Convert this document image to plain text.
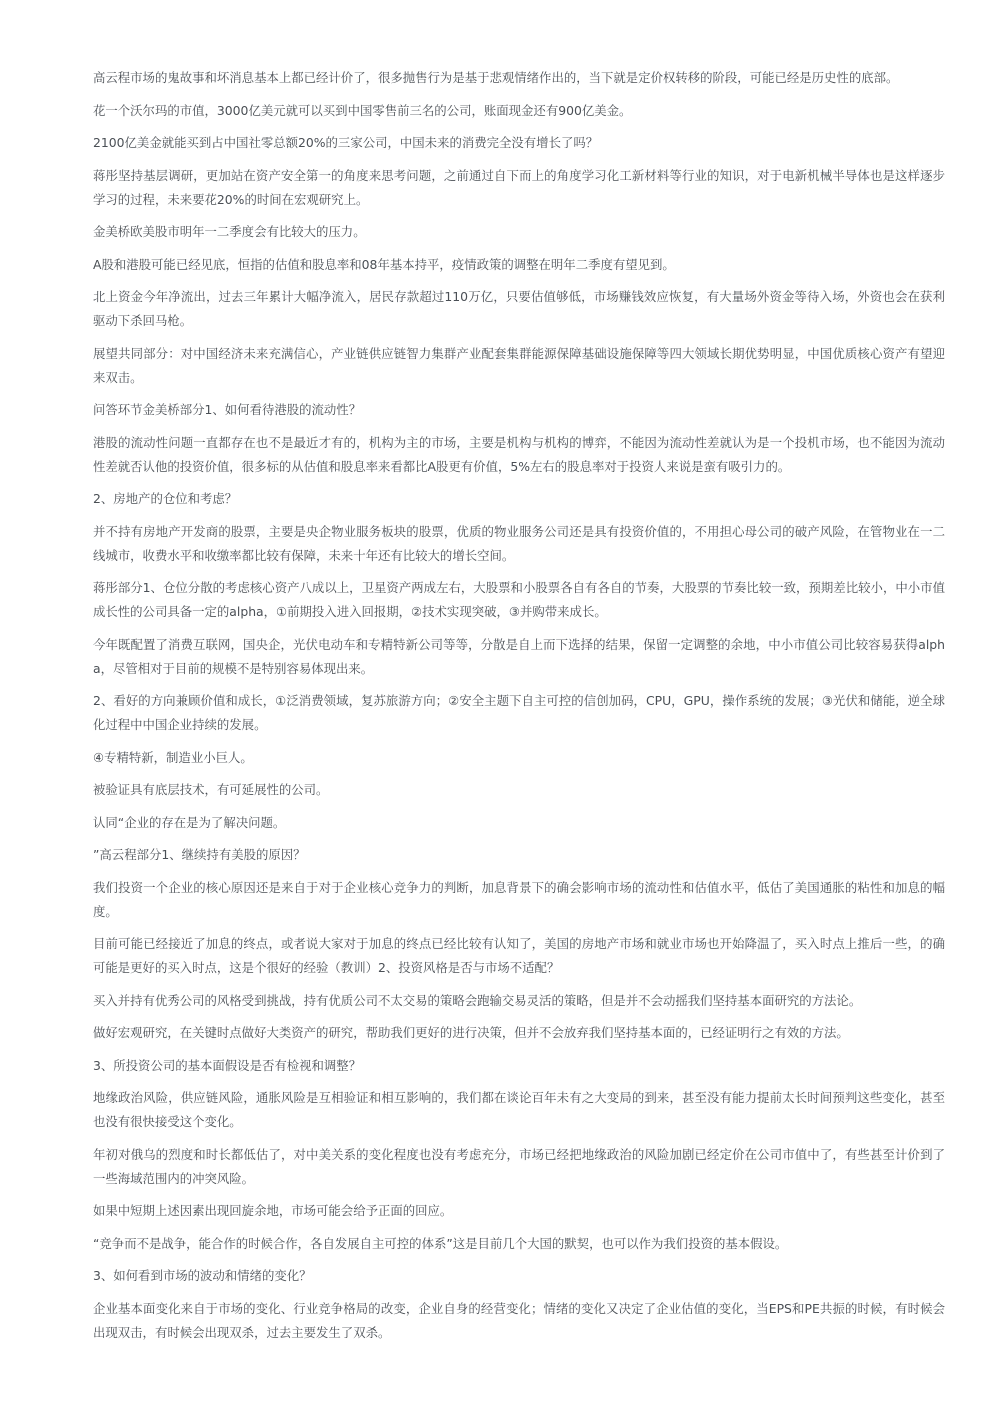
高云程市场的鬼故事和坏消息基本上都已经计价了，很多抛售行为是基于悲观情绪作出的，当下就是定价权转移的阶段，可能已经是历史性的底部。

花一个沃尔玛的市值，3000亿美元就可以买到中国零售前三名的公司，账面现金还有900亿美金。

2100亿美金就能买到占中国社零总额20%的三家公司，中国未来的消费完全没有增长了吗？

蒋彤坚持基层调研，更加站在资产安全第一的角度来思考问题，之前通过自下而上的角度学习化工新材料等行业的知识，对于电新机械半导体也是这样逐步学习的过程，未来要花20%的时间在宏观研究上。

金美桥欧美股市明年一二季度会有比较大的压力。

A股和港股可能已经见底，恒指的估值和股息率和08年基本持平，疫情政策的调整在明年二季度有望见到。

北上资金今年净流出，过去三年累计大幅净流入，居民存款超过110万亿，只要估值够低，市场赚钱效应恢复，有大量场外资金等待入场，外资也会在获利驱动下杀回马枪。

展望共同部分：对中国经济未来充满信心，产业链供应链智力集群产业配套集群能源保障基础设施保障等四大领域长期优势明显，中国优质核心资产有望迎来双击。

问答环节金美桥部分1、如何看待港股的流动性？

港股的流动性问题一直都存在也不是最近才有的，机构为主的市场，主要是机构与机构的博弈，不能因为流动性差就认为是一个投机市场，也不能因为流动性差就否认他的投资价值，很多标的从估值和股息率来看都比A股更有价值，5%左右的股息率对于投资人来说是蛮有吸引力的。

2、房地产的仓位和考虑？

并不持有房地产开发商的股票，主要是央企物业服务板块的股票，优质的物业服务公司还是具有投资价值的，不用担心母公司的破产风险，在管物业在一二线城市，收费水平和收缴率都比较有保障，未来十年还有比较大的增长空间。

蒋彤部分1、仓位分散的考虑核心资产八成以上，卫星资产两成左右，大股票和小股票各自有各自的节奏，大股票的节奏比较一致，预期差比较小，中小市值成长性的公司具备一定的alpha，①前期投入进入回报期，②技术实现突破，③并购带来成长。

今年既配置了消费互联网，国央企，光伏电动车和专精特新公司等等，分散是自上而下选择的结果，保留一定调整的余地，中小市值公司比较容易获得alpha，尽管相对于目前的规模不是特别容易体现出来。

2、看好的方向兼顾价值和成长，①泛消费领域，复苏旅游方向；②安全主题下自主可控的信创加码，CPU，GPU，操作系统的发展；③光伏和储能，逆全球化过程中中国企业持续的发展。

④专精特新，制造业小巨人。

被验证具有底层技术，有可延展性的公司。

认同“企业的存在是为了解决问题。

”高云程部分1、继续持有美股的原因？

我们投资一个企业的核心原因还是来自于对于企业核心竞争力的判断，加息背景下的确会影响市场的流动性和估值水平，低估了美国通胀的粘性和加息的幅度。

目前可能已经接近了加息的终点，或者说大家对于加息的终点已经比较有认知了，美国的房地产市场和就业市场也开始降温了，买入时点上推后一些，的确可能是更好的买入时点，这是个很好的经验（教训）2、投资风格是否与市场不适配？

买入并持有优秀公司的风格受到挑战，持有优质公司不太交易的策略会跑输交易灵活的策略，但是并不会动摇我们坚持基本面研究的方法论。

做好宏观研究，在关键时点做好大类资产的研究，帮助我们更好的进行决策，但并不会放弃我们坚持基本面的，已经证明行之有效的方法。

3、所投资公司的基本面假设是否有检视和调整？

地缘政治风险，供应链风险，通胀风险是互相验证和相互影响的，我们都在谈论百年未有之大变局的到来，甚至没有能力提前太长时间预判这些变化，甚至也没有很快接受这个变化。

年初对俄乌的烈度和时长都低估了，对中美关系的变化程度也没有考虑充分，市场已经把地缘政治的风险加剧已经定价在公司市值中了，有些甚至计价到了一些海域范围内的冲突风险。

如果中短期上述因素出现回旋余地，市场可能会给予正面的回应。

“竞争而不是战争，能合作的时候合作，各自发展自主可控的体系”这是目前几个大国的默契，也可以作为我们投资的基本假设。

3、如何看到市场的波动和情绪的变化？

企业基本面变化来自于市场的变化、行业竞争格局的改变，企业自身的经营变化；情绪的变化又决定了企业估值的变化，当EPS和PE共振的时候，有时候会出现双击，有时候会出现双杀，过去主要发生了双杀。
